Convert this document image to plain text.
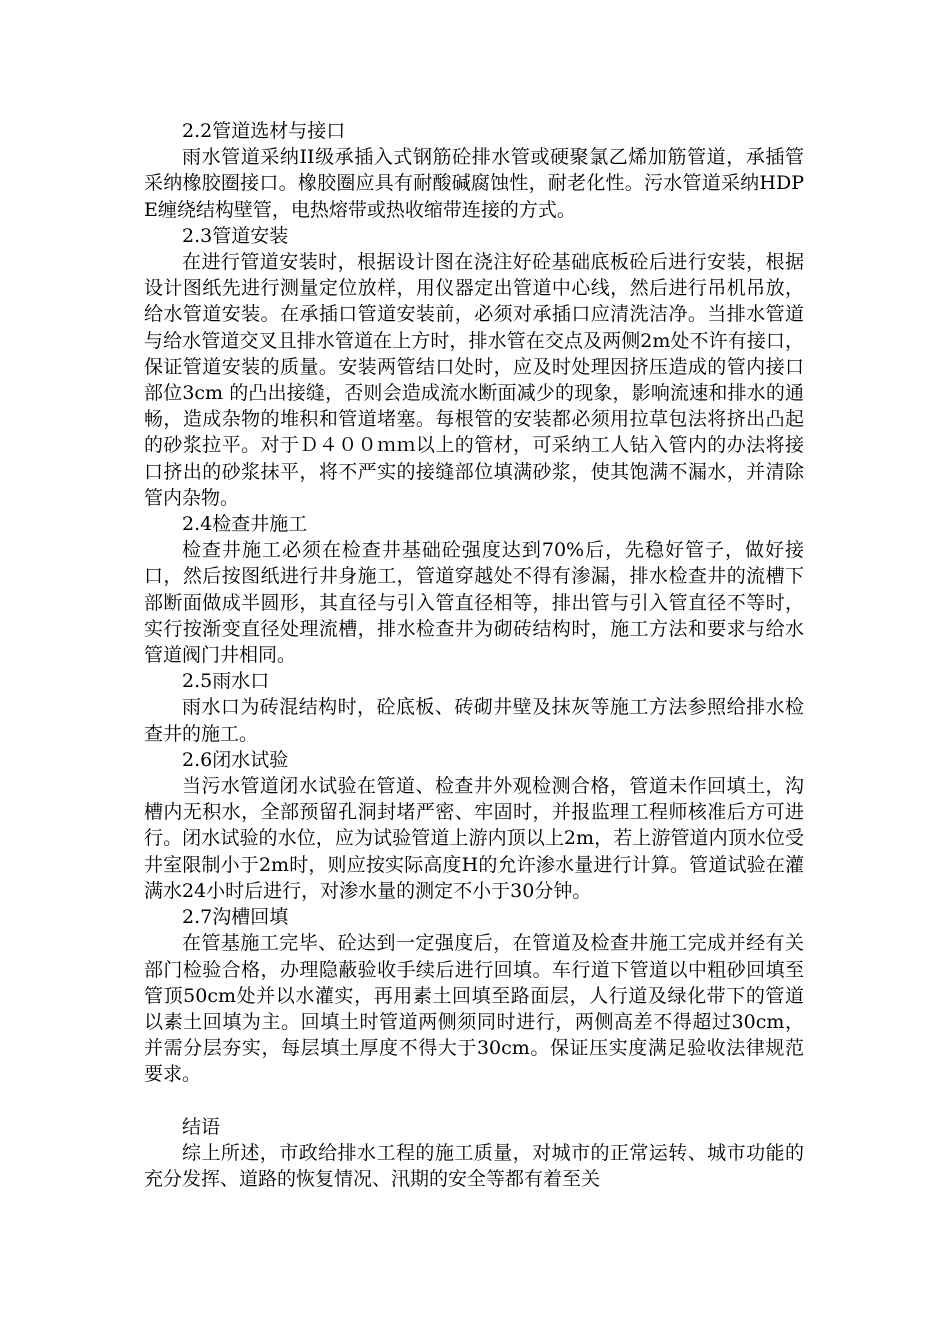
2.2管道选材与接口

雨水管道采纳II级承插入式钢筋砼排水管或硬聚氯乙烯加筋管道，承插管采纳橡胶圈接口。橡胶圈应具有耐酸碱腐蚀性，耐老化性。污水管道采纳HDPE缠绕结构壁管，电热熔带或热收缩带连接的方式。

2.3管道安装

在进行管道安装时，根据设计图在浇注好砼基础底板砼后进行安装，根据设计图纸先进行测量定位放样，用仪器定出管道中心线，然后进行吊机吊放，给水管道安装。在承插口管道安装前，必须对承插口应清洗洁净。当排水管道与给水管道交叉且排水管道在上方时，排水管在交点及两侧2m处不许有接口，保证管道安装的质量。安装两管结口处时，应及时处理因挤压造成的管内接口部位3cm 的凸出接缝，否则会造成流水断面减少的现象，影响流速和排水的通畅，造成杂物的堆积和管道堵塞。每根管的安装都必须用拉草包法将挤出凸起的砂浆拉平。对于Ｄ４００ｍｍ以上的管材，可采纳工人钻入管内的办法将接口挤出的砂浆抹平，将不严实的接缝部位填满砂浆，使其饱满不漏水，并清除管内杂物。

2.4检查井施工

检查井施工必须在检查井基础砼强度达到70%后，先稳好管子，做好接口，然后按图纸进行井身施工，管道穿越处不得有渗漏，排水检查井的流槽下部断面做成半圆形，其直径与引入管直径相等，排出管与引入管直径不等时，实行按渐变直径处理流槽，排水检查井为砌砖结构时，施工方法和要求与给水管道阀门井相同。

2.5雨水口

雨水口为砖混结构时，砼底板、砖砌井壁及抹灰等施工方法参照给排水检查井的施工。

2.6闭水试验

当污水管道闭水试验在管道、检查井外观检测合格，管道未作回填土，沟槽内无积水，全部预留孔洞封堵严密、牢固时，并报监理工程师核准后方可进行。闭水试验的水位，应为试验管道上游内顶以上2m，若上游管道内顶水位受井室限制小于2m时，则应按实际高度H的允许渗水量进行计算。管道试验在灌满水24小时后进行，对渗水量的测定不小于30分钟。

2.7沟槽回填

在管基施工完毕、砼达到一定强度后，在管道及检查井施工完成并经有关部门检验合格，办理隐蔽验收手续后进行回填。车行道下管道以中粗砂回填至管顶50cm处并以水灌实，再用素土回填至路面层，人行道及绿化带下的管道以素土回填为主。回填土时管道两侧须同时进行，两侧高差不得超过30cm，并需分层夯实，每层填土厚度不得大于30cm。保证压实度满足验收法律规范要求。

结语

综上所述，市政给排水工程的施工质量，对城市的正常运转、城市功能的充分发挥、道路的恢复情况、汛期的安全等都有着至关
